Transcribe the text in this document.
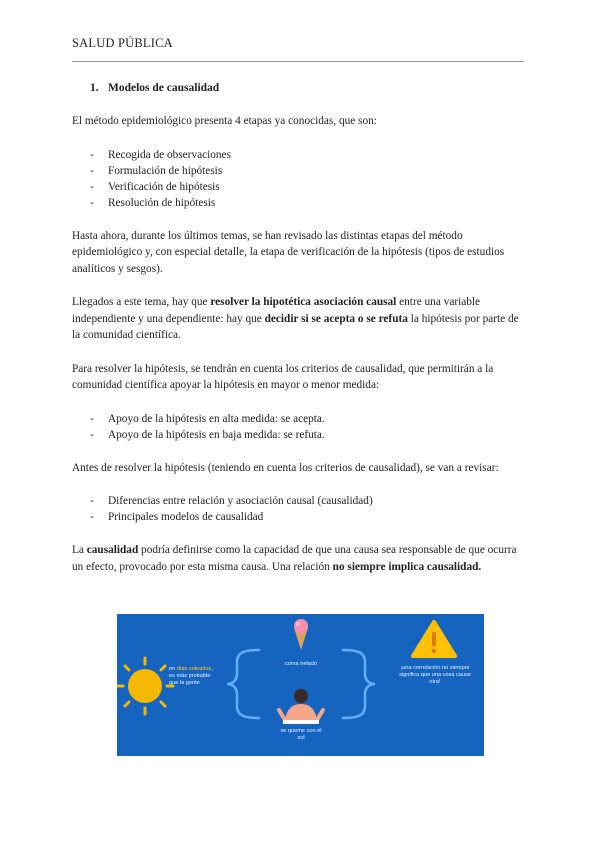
SALUD PÚBLICA
1. Modelos de causalidad

El método epidemiológico presenta 4 etapas ya conocidas, que son:

- Recogida de observaciones
- Formulación de hipótesis
- Verificación de hipótesis
- Resolución de hipótesis

Hasta ahora, durante los últimos temas, se han revisado las distintas etapas del método epidemiológico y, con especial detalle, la etapa de verificación de la hipótesis (tipos de estudios analíticos y sesgos).

Llegados a este tema, hay que resolver la hipotética asociación causal entre una variable independiente y una dependiente: hay que decidir si se acepta o se refuta la hipótesis por parte de la comunidad científica.

Para resolver la hipótesis, se tendrán en cuenta los criterios de causalidad, que permitirán a la comunidad científica apoyar la hipótesis en mayor o menor medida:

- Apoyo de la hipótesis en alta medida: se acepta.
- Apoyo de la hipótesis en baja medida: se refuta.

Antes de resolver la hipótesis (teniendo en cuenta los criterios de causalidad), se van a revisar:

- Diferencias entre relación y asociación causal (causalidad)
- Principales modelos de causalidad

La causalidad podría definirse como la capacidad de que una causa sea responsable de que ocurra un efecto, provocado por esta misma causa. Una relación no siempre implica causalidad.

en días soleados, es más probable que la gente
coma helado
se queme con el sol
¡una correlación no siempre significa que una cosa cause otra!
